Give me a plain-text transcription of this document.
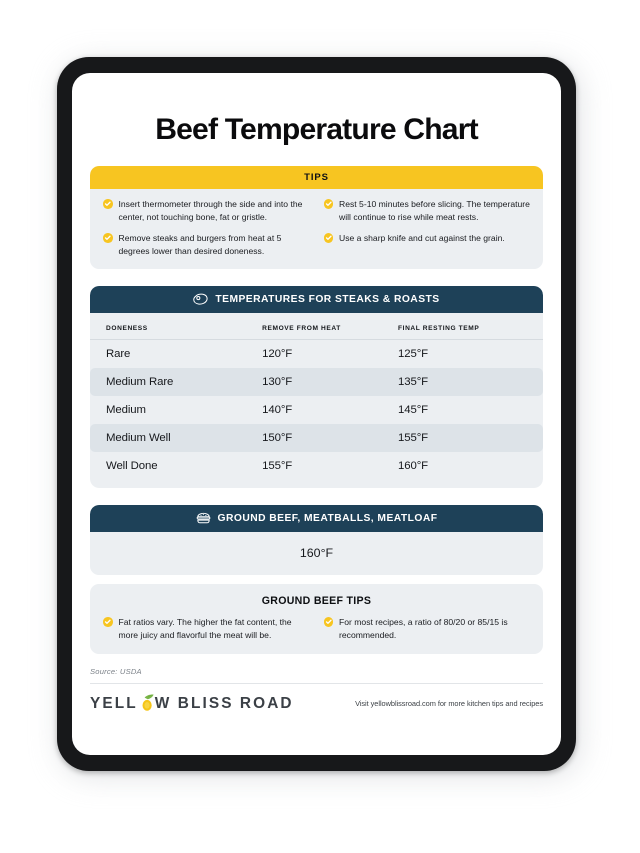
Beef Temperature Chart
TIPS
Insert thermometer through the side and into the center, not touching bone, fat or gristle.
Remove steaks and burgers from heat at 5 degrees lower than desired doneness.
Rest 5-10 minutes before slicing. The temperature will continue to rise while meat rests.
Use a sharp knife and cut against the grain.
TEMPERATURES FOR STEAKS & ROASTS
DONENESS	REMOVE FROM HEAT	FINAL RESTING TEMP
Rare	120°F	125°F
Medium Rare	130°F	135°F
Medium	140°F	145°F
Medium Well	150°F	155°F
Well Done	155°F	160°F
GROUND BEEF, MEATBALLS, MEATLOAF
160°F
GROUND BEEF TIPS
Fat ratios vary. The higher the fat content, the more juicy and flavorful the meat will be.
For most recipes, a ratio of 80/20 or 85/15 is recommended.
Source: USDA
YELL W BLISS ROAD	Visit yellowblissroad.com for more kitchen tips and recipes
